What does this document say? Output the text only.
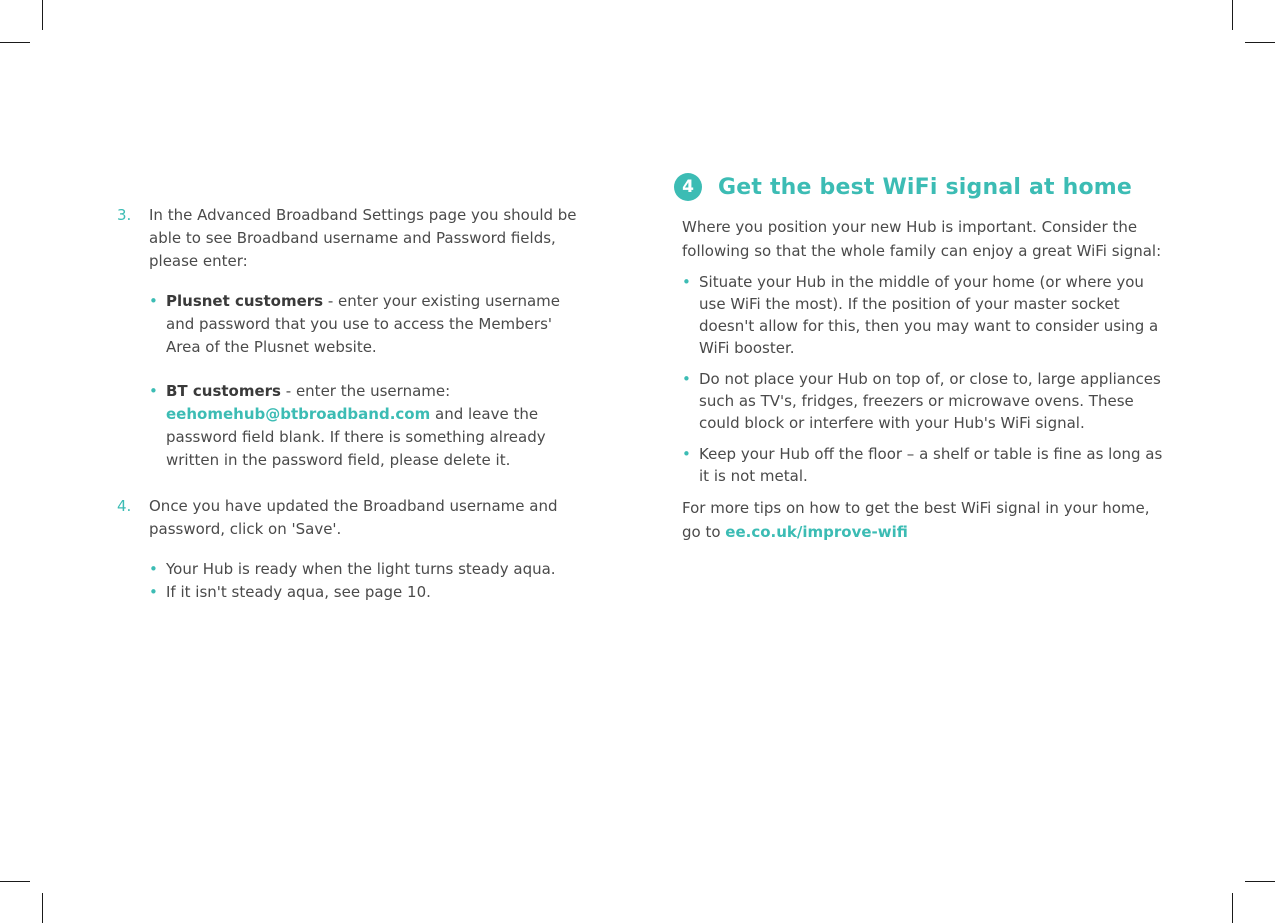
3.	In the Advanced Broadband Settings page you should be able to see Broadband username and Password fields, please enter:
• Plusnet customers - enter your existing username and password that you use to access the Members' Area of the Plusnet website.
• BT customers - enter the username:
eehomehub@btbroadband.com and leave the password field blank. If there is something already written in the password field, please delete it.
4.	Once you have updated the Broadband username and password, click on 'Save'.
• Your Hub is ready when the light turns steady aqua.
• If it isn't steady aqua, see page 10.
4	Get the best WiFi signal at home

Where you position your new Hub is important. Consider the following so that the whole family can enjoy a great WiFi signal:

• Situate your Hub in the middle of your home (or where you use WiFi the most). If the position of your master socket doesn't allow for this, then you may want to consider using a WiFi booster.
• Do not place your Hub on top of, or close to, large appliances such as TV's, fridges, freezers or microwave ovens. These could block or interfere with your Hub's WiFi signal.
• Keep your Hub off the floor – a shelf or table is fine as long as it is not metal.

For more tips on how to get the best WiFi signal in your home, go to ee.co.uk/improve-wifi
